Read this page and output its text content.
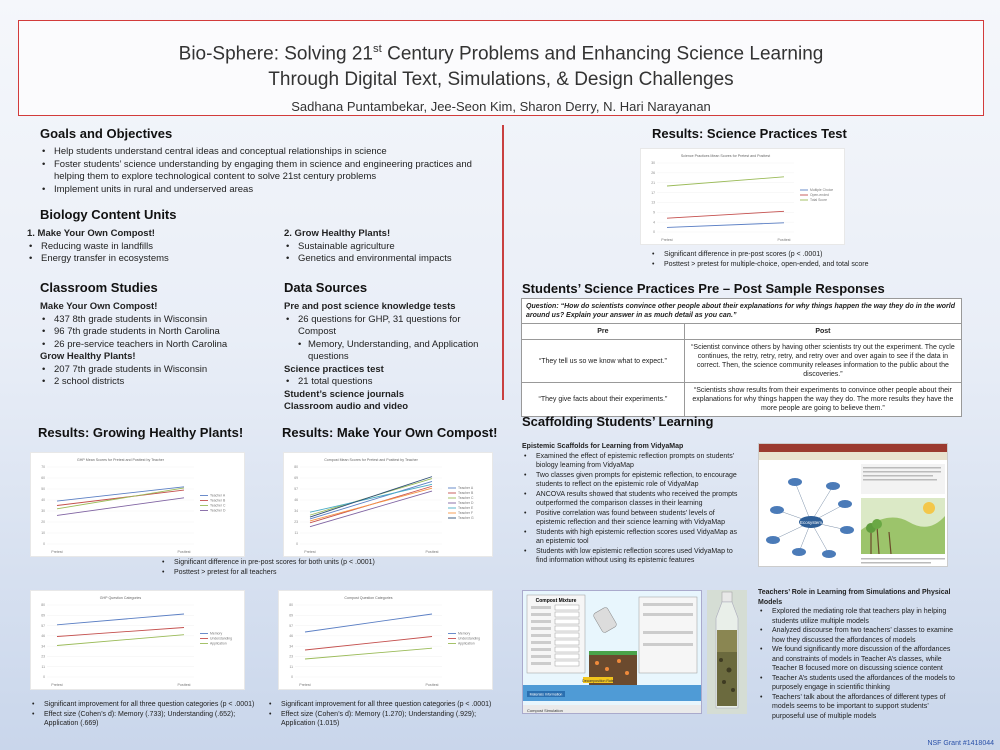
Bio-Sphere: Solving 21st Century Problems and Enhancing Science Learning
Through Digital Text, Simulations, & Design Challenges
Sadhana Puntambekar, Jee-Seon Kim, Sharon Derry, N. Hari Narayanan
Goals and Objectives
• Help students understand central ideas and conceptual relationships in science
• Foster students’ science understanding by engaging them in science and engineering practices and helping them to explore technological content to solve 21st century problems
• Implement units in rural and underserved areas
Biology Content Units
1. Make Your Own Compost!
• Reducing waste in landfills
• Energy transfer in ecosystems
2. Grow Healthy Plants!
• Sustainable agriculture
• Genetics and environmental impacts
Classroom Studies
Make Your Own Compost!
• 437 8th grade students in Wisconsin
• 96 7th grade students in North Carolina
• 26 pre-service teachers in North Carolina
Grow Healthy Plants!
• 207 7th grade students in Wisconsin
• 2 school districts
Data Sources
Pre and post science knowledge tests
• 26 questions for GHP, 31 questions for Compost
• Memory, Understanding, and Application questions
Science practices test
• 21 total questions
Student’s science journals
Classroom audio and video
Results: Growing Healthy Plants!	Results: Make Your Own Compost!
GHP Mean Scores for Pretest and Posttest by Teacher
0
10
20
30
40
50
60
70
Pretest	Posttest
Teacher A
Teacher B
Teacher C
Teacher D
Compost Mean Scores for Pretest and Posttest by Teacher
0
11
23
34
46
57
69
80
Pretest	Posttest
Teacher A
Teacher B
Teacher C
Teacher D
Teacher E
Teacher F
Teacher G
Science Practices Mean Scores for Pretest and Posttest
0
4
9
13
17
21
26
30
Pretest	Posttest
Multiple Choice
Open-ended
Total Score
GHP Question Categories
0
11
23
34
46
57
69
80
Pretest	Posttest
Memory
Understanding
Application
Compost Question Categories
0
11
23
34
46
57
69
80
Pretest	Posttest
Memory
Understanding
Application
• Significant difference in pre-post scores for both units (p < .0001)
• Posttest > pretest for all teachers
• Significant improvement for all three question categories (p < .0001)
• Effect size (Cohen’s d): Memory (.733); Understanding (.652); Application (.669)
• Significant improvement for all three question categories (p < .0001)
• Effect size (Cohen’s d): Memory (1.270); Understanding (.929); Application (1.015)
Results: Science Practices Test
• Significant difference in pre-post scores (p < .0001)
• Posttest > pretest for multiple-choice, open-ended, and total score
Students’ Science Practices Pre – Post Sample Responses
Question: “How do scientists convince other people about their explanations for why things happen the way they do in the world around us? Explain your answer in as much detail as you can.”	
Pre	Post
“They tell us so we know what to expect.”	“Scientist convince others by having other scientists try out the experiment. The cycle continues, the retry, retry, retry, and retry over and over again to see if the data in correct. Then, the science community releases information to the public about the discoveries.”
“They give facts about their experiments.”	“Scientists show results from their experiments to convince other people about their explanations for why things happen the way they do. The more results they have the more people are going to believe them.”
Scaffolding Students’ Learning
Epistemic Scaffolds for Learning from VidyaMap
• Examined the effect of epistemic reflection prompts on students’ biology learning from VidyaMap
• Two classes given prompts for epistemic reflection, to encourage students to reflect on the epistemic role of VidyaMap
• ANCOVA results showed that students who received the prompts outperformed the comparison classes in their learning
• Positive correlation was found between students’ levels of epistemic reflection and their science learning with VidyaMap
• Students with high epistemic reflection scores used VidyaMap as an epistemic tool
• Students with low epistemic reflection scores used VidyaMap to find information without using its epistemic features
Ecosystem
Compost Mixture
Decomposition Rate
Materials Information
Compost Simulation
Teachers’ Role in Learning from Simulations and Physical Models
• Explored the mediating role that teachers play in helping students utilize multiple models
• Analyzed discourse from two teachers’ classes to examine how they discussed the affordances of models
• We found significantly more discussion of the affordances and constraints of models in Teacher A’s classes, while Teacher B focused more on discussing science content
• Teacher A’s students used the affordances of the models to purposely engage in scientific thinking
• Teachers’ talk about the affordances of different types of models seems to be important to support students’ purposeful use of multiple models
NSF Grant #1418044
